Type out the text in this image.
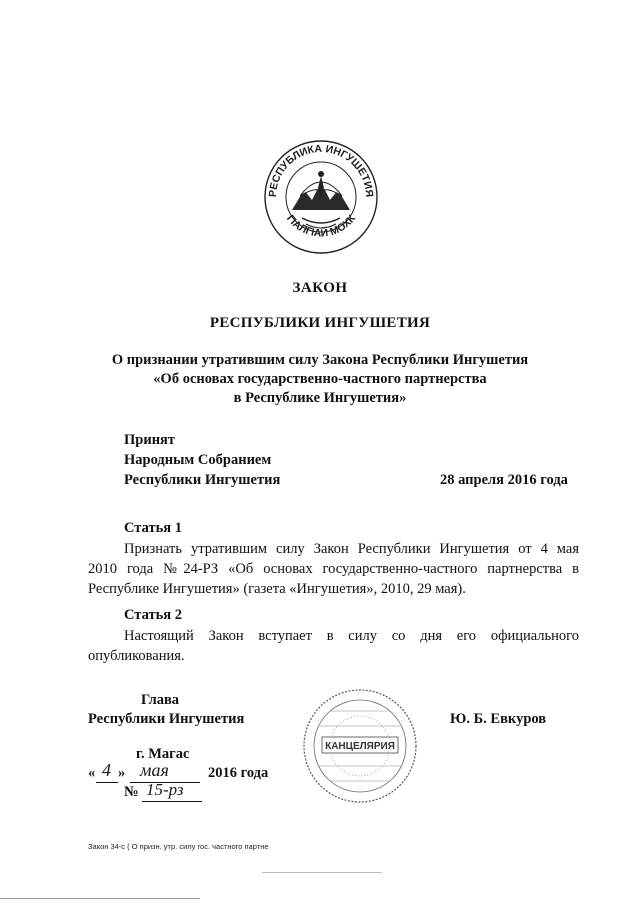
РЕСПУБЛИКА ИНГУШЕТИЯ
ГІАЛГІАЙ МОХК
ЗАКОН
РЕСПУБЛИКИ ИНГУШЕТИЯ
О признании утратившим силу Закона Республики Ингушетия
«Об основах государственно-частного партнерства
в Республике Ингушетия»
Принят
Народным Собранием
Республики Ингушетия	28 апреля 2016 года
Статья 1
Признать утратившим силу Закон Республики Ингушетия от 4 мая
2010 года №24-РЗ «Об основах государственно-частного партнерства в
Республике Ингушетия» (газета «Ингушетия», 2010, 29 мая).
Статья 2
Настоящий Закон вступает в силу со дня его официального
опубликования.
Глава
Республики Ингушетия	Ю. Б. Евкуров
КАНЦЕЛЯРИЯ
г. Магас
« 4 » мая	2016 года
№ 15-рз
Закон 34-с ( О призн. утр. силу гос. частного партне
